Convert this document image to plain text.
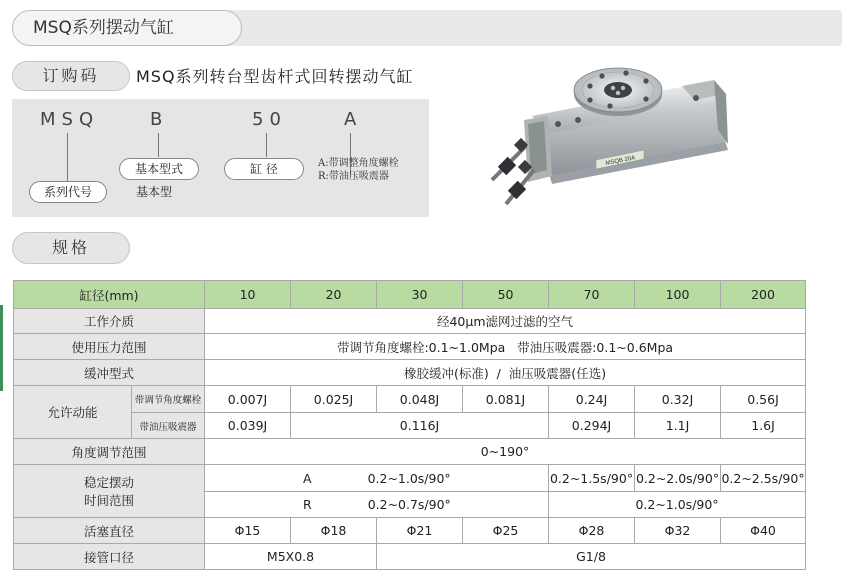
MSQ系列摆动气缸
订购码	MSQ系列转台型齿杆式回转摆动气缸
MSQ	B	50	A
系列代号
基本型式
基本型
缸 径	A:带调整角度螺栓
R:带油压吸震器
MSQB 20A
规格
缸径(mm)		10	20	30	50	70	100	200	
工作介质		经40μm滤网过滤的空气							
使用压力范围		带调节角度螺栓:0.1~1.0Mpa   带油压吸震器:0.1~0.6Mpa							
缓冲型式		橡胶缓冲(标准)  /  油压吸震器(任选)							
允许动能	带调节角度螺栓	0.007J	0.025J	0.048J	0.081J	0.24J	0.32J	0.56J	
	带油压吸震器	0.039J	0.116J			0.294J	1.1J	1.6J	
角度调节范围		0~190°							

稳定摆动
时间范围		A 0.2~1.0s/90°				0.2~1.5s/90°	0.2~2.0s/90°	0.2~2.5s/90°	
		R 0.2~0.7s/90°				0.2~1.0s/90°			
活塞直径		Φ15	Φ18	Φ21	Φ25	Φ28	Φ32	Φ40	
接管口径		M5X0.8		G1/8					
